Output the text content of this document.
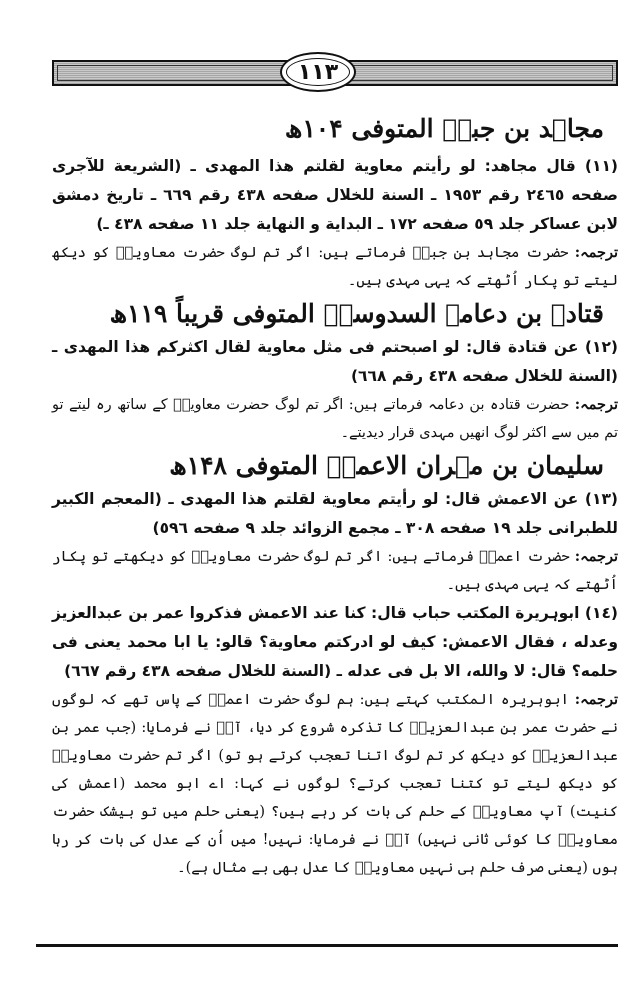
١١٣
مجاہد بن جبرؒ المتوفی ۱۰۴ھ

(١١) قال مجاهد: لو رأيتم معاوية لقلتم هذا المهدى ـ (الشريعة للآجرى صفحه ٢٤٦٥ رقم ١٩٥٣ ـ السنة للخلال صفحه ٤٣٨ رقم ٦٦٩ ـ تاريخ دمشق لابن عساكر جلد ٥٩ صفحه ١٧٢ ـ البداية و النهاية جلد ١١ صفحه ٤٣٨ ـ)

ترجمہ: حضرت مجاہد بن جبرؒ فرماتے ہیں: اگر تم لوگ حضرت معاویہؓ کو دیکھ لیتے تو پکار اُٹھتے کہ یہی مہدی ہیں۔

قتادہ بن دعامۃ السدوسیؒ المتوفی قریباً ۱۱۹ھ

(١٢) عن قتادة قال: لو اصبحتم فى مثل معاوية لقال اكثركم هذا المهدى ـ (السنة للخلال صفحه ٤٣٨ رقم ٦٦٨)

ترجمہ: حضرت قتادہ بن دعامہ فرماتے ہیں: اگر تم لوگ حضرت معاویہؓ کے ساتھ رہ لیتے تو تم میں سے اکثر لوگ انھیں مہدی قرار دیدیتے۔

سلیمان بن مہران الاعمشؒ المتوفی ۱۴۸ھ

(١٣) عن الاعمش قال: لو رأيتم معاوية لقلتم هذا المهدى ـ (المعجم الكبير للطبرانى جلد ١٩ صفحه ٣٠٨ ـ مجمع الزوائد جلد ٩ صفحه ٥٩٦)

ترجمہ: حضرت اعمشؒ فرماتے ہیں: اگر تم لوگ حضرت معاویہؓ کو دیکھتے تو پکار اُٹھتے کہ یہی مہدی ہیں۔

(١٤) ابوہريرة المكتب حباب قال: كنا عند الاعمش فذكروا عمر بن عبدالعزيز وعدله ، فقال الاعمش: كيف لو ادركتم معاوية؟ قالو: يا ابا محمد يعنى فى حلمه؟ قال: لا والله، الا بل فى عدله ـ (السنة للخلال صفحه ٤٣٨ رقم ٦٦٧)

ترجمہ: ابوہریرہ المکتب کہتے ہیں: ہم لوگ حضرت اعمشؒ کے پاس تھے کہ لوگوں نے حضرت عمر بن عبدالعزیزؒ کا تذکرہ شروع کر دیا، آپؒ نے فرمایا: (جب عمر بن عبدالعزیزؒ کو دیکھ کر تم لوگ اتنا تعجب کرتے ہو تو) اگر تم حضرت معاویہؓ کو دیکھ لیتے تو کتنا تعجب کرتے؟ لوگوں نے کہا: اے ابو محمد (اعمش کی کنیت) آپ معاویہؓ کے حلم کی بات کر رہے ہیں؟ (یعنی حلم میں تو بیشک حضرت معاویہؓ کا کوئی ثانی نہیں) آپؒ نے فرمایا: نہیں! میں اُن کے عدل کی بات کر رہا ہوں (یعنی صرف حلم ہی نہیں معاویہؓ کا عدل بھی بے مثال ہے)۔
